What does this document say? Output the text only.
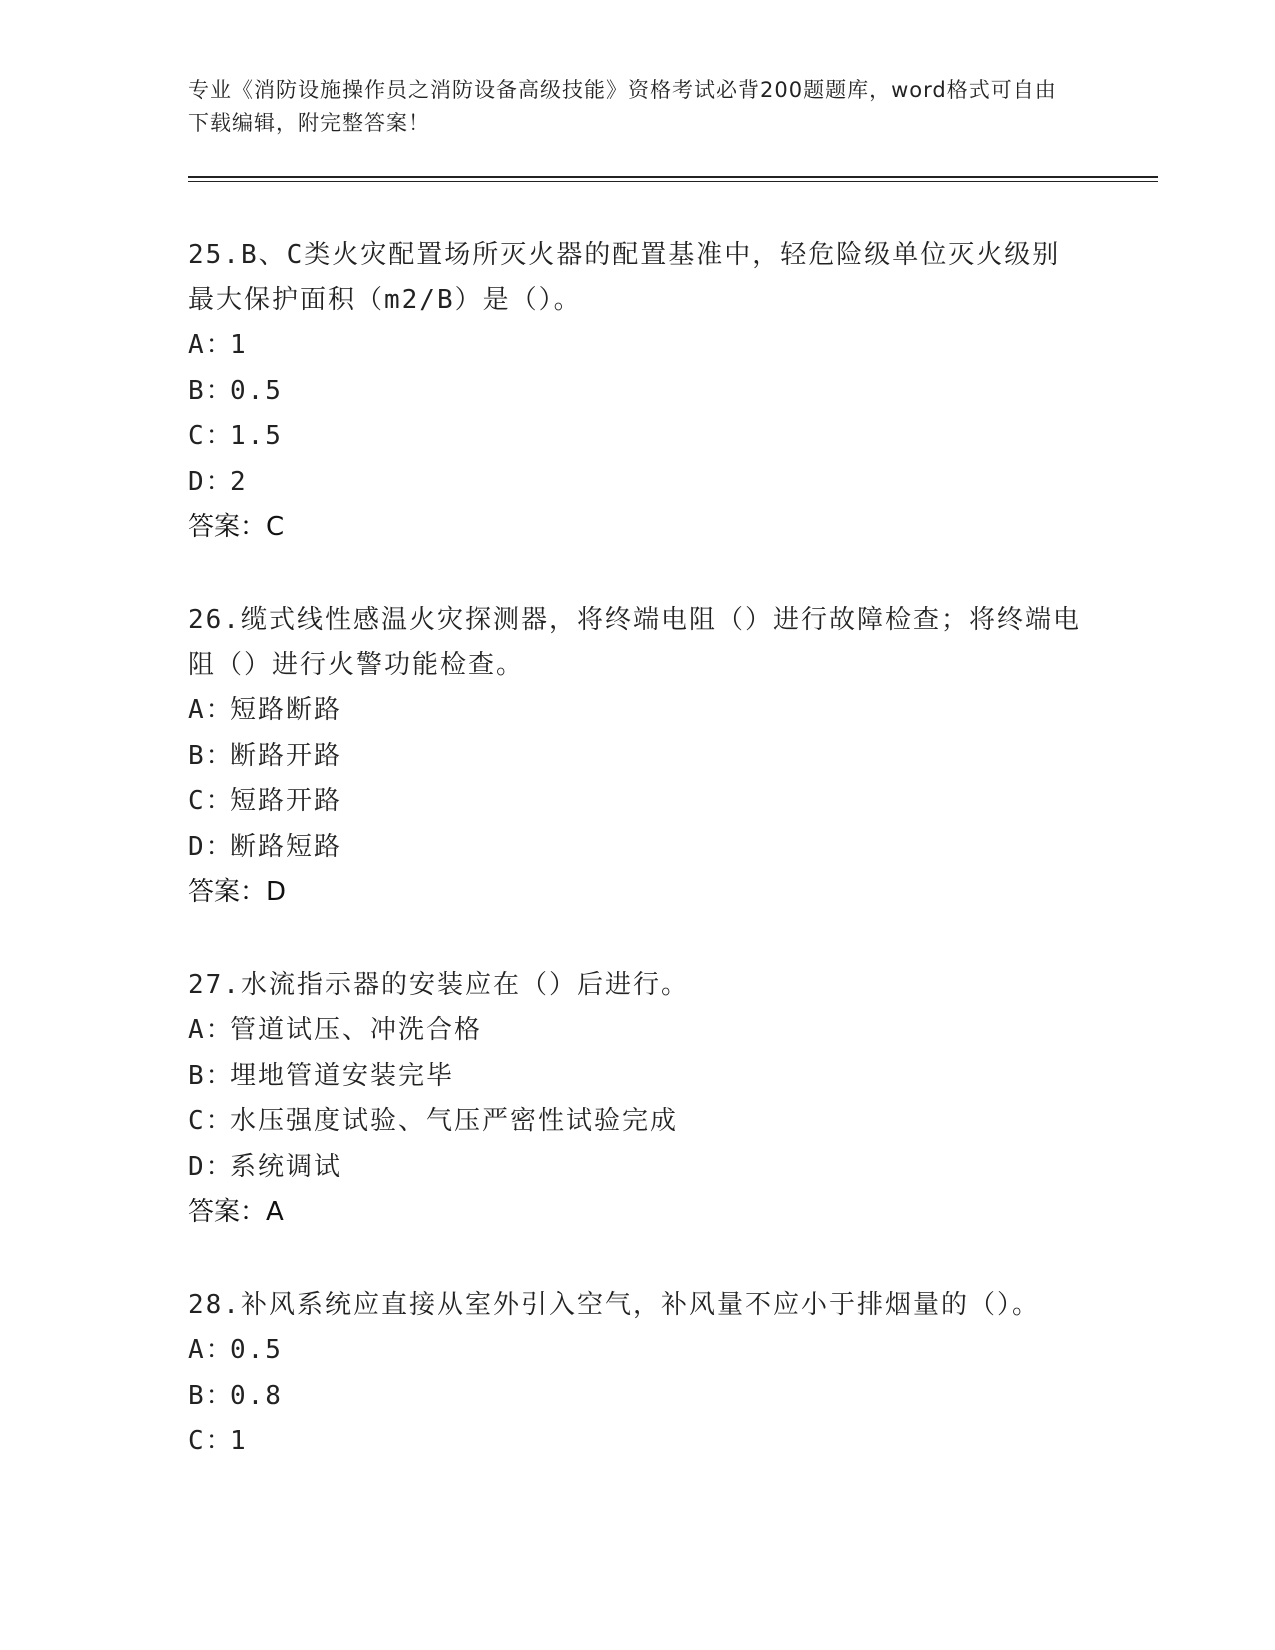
专业《消防设施操作员之消防设备高级技能》资格考试必背200题题库，word格式可自由下载编辑，附完整答案！

25.B、C类火灾配置场所灭火器的配置基准中，轻危险级单位灭火级别最大保护面积（m2/B）是（）。

A：1

B：0.5

C：1.5

D：2

答案：C

26.缆式线性感温火灾探测器，将终端电阻（）进行故障检查；将终端电阻（）进行火警功能检查。

A：短路断路

B：断路开路

C：短路开路

D：断路短路

答案：D

27.水流指示器的安装应在（）后进行。

A：管道试压、冲洗合格

B：埋地管道安装完毕

C：水压强度试验、气压严密性试验完成

D：系统调试

答案：A

28.补风系统应直接从室外引入空气，补风量不应小于排烟量的（）。

A：0.5

B：0.8

C：1
